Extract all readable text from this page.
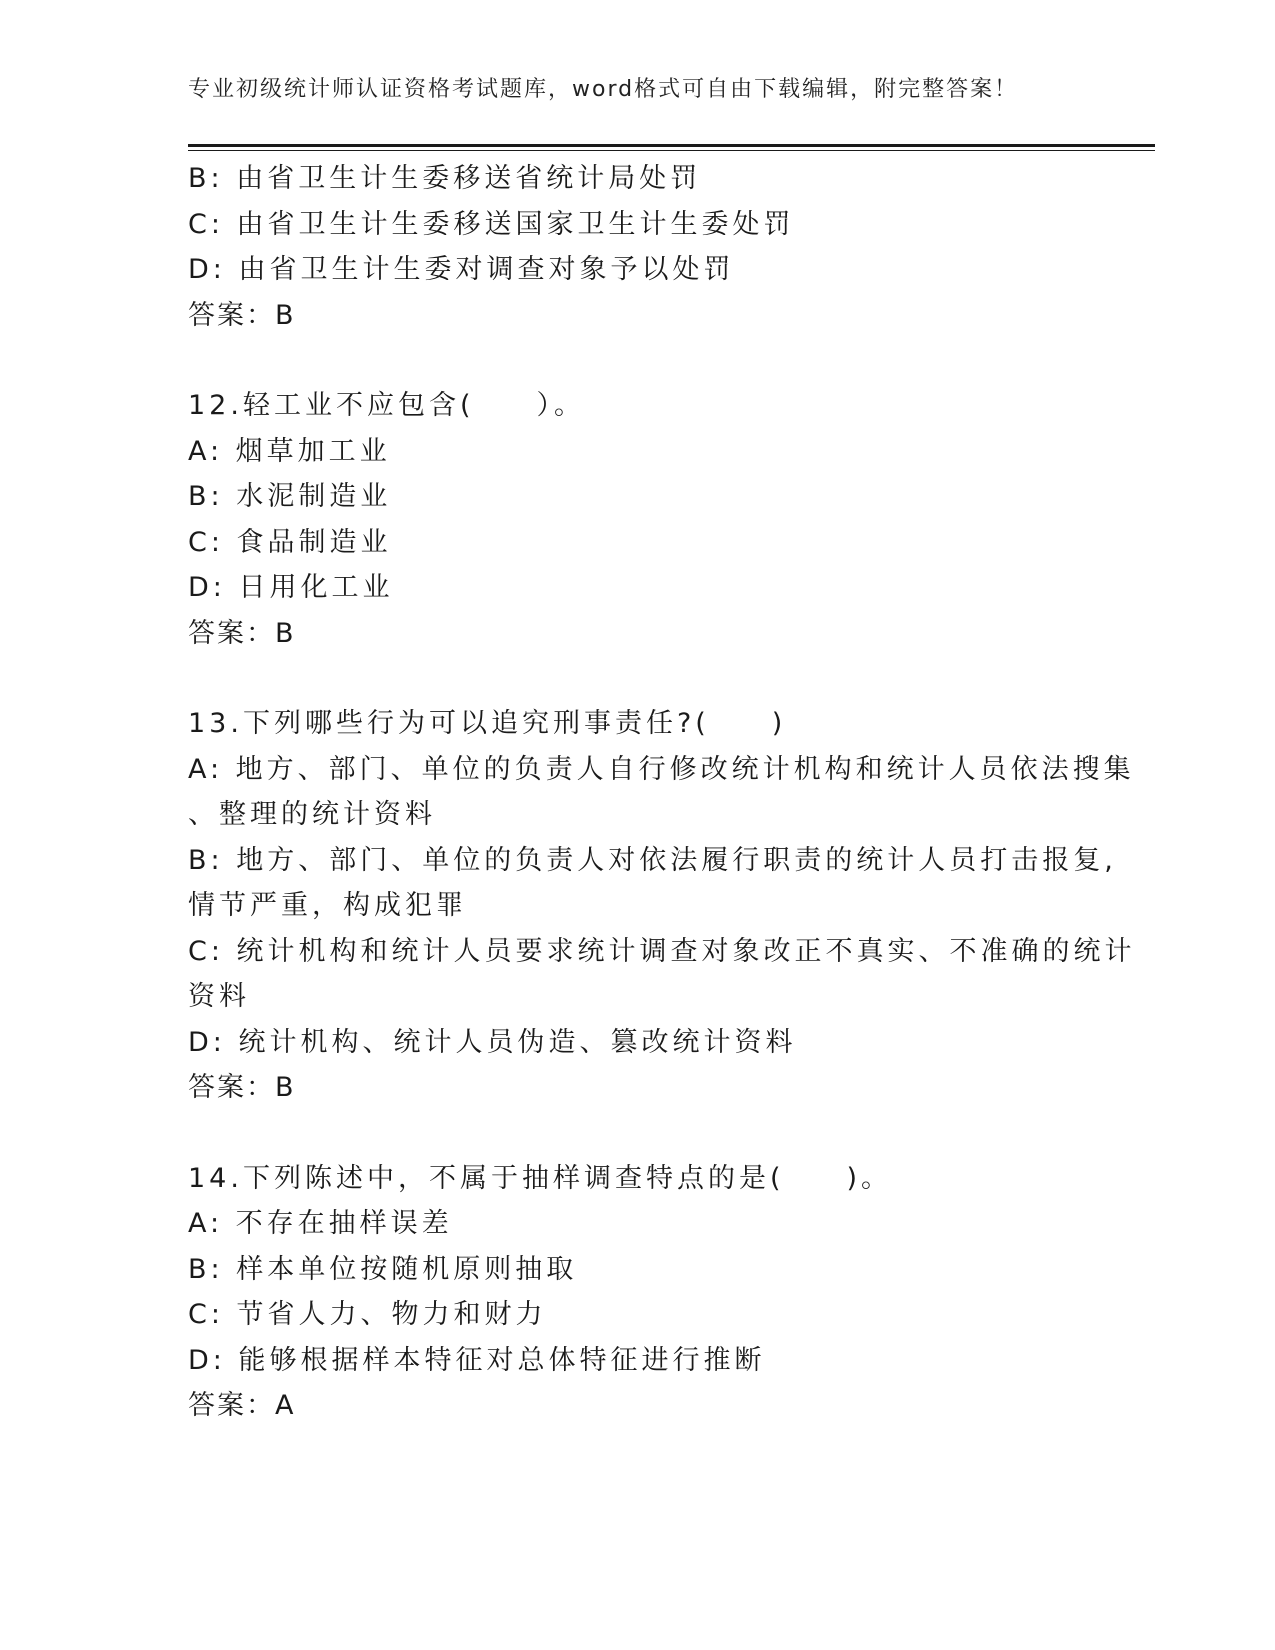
专业初级统计师认证资格考试题库，word格式可自由下载编辑，附完整答案！
B: 由省卫生计生委移送省统计局处罚
C: 由省卫生计生委移送国家卫生计生委处罚
D: 由省卫生计生委对调查对象予以处罚
答案：B
12.轻工业不应包含(　　）。
A: 烟草加工业
B: 水泥制造业
C: 食品制造业
D: 日用化工业
答案：B
13.下列哪些行为可以追究刑事责任?(　　)
A: 地方、部门、单位的负责人自行修改统计机构和统计人员依法搜集
、整理的统计资料
B: 地方、部门、单位的负责人对依法履行职责的统计人员打击报复,
情节严重，构成犯罪
C: 统计机构和统计人员要求统计调查对象改正不真实、不准确的统计
资料
D: 统计机构、统计人员伪造、篡改统计资料
答案：B
14.下列陈述中，不属于抽样调查特点的是(　　)。
A: 不存在抽样误差
B: 样本单位按随机原则抽取
C: 节省人力、物力和财力
D: 能够根据样本特征对总体特征进行推断
答案：A
